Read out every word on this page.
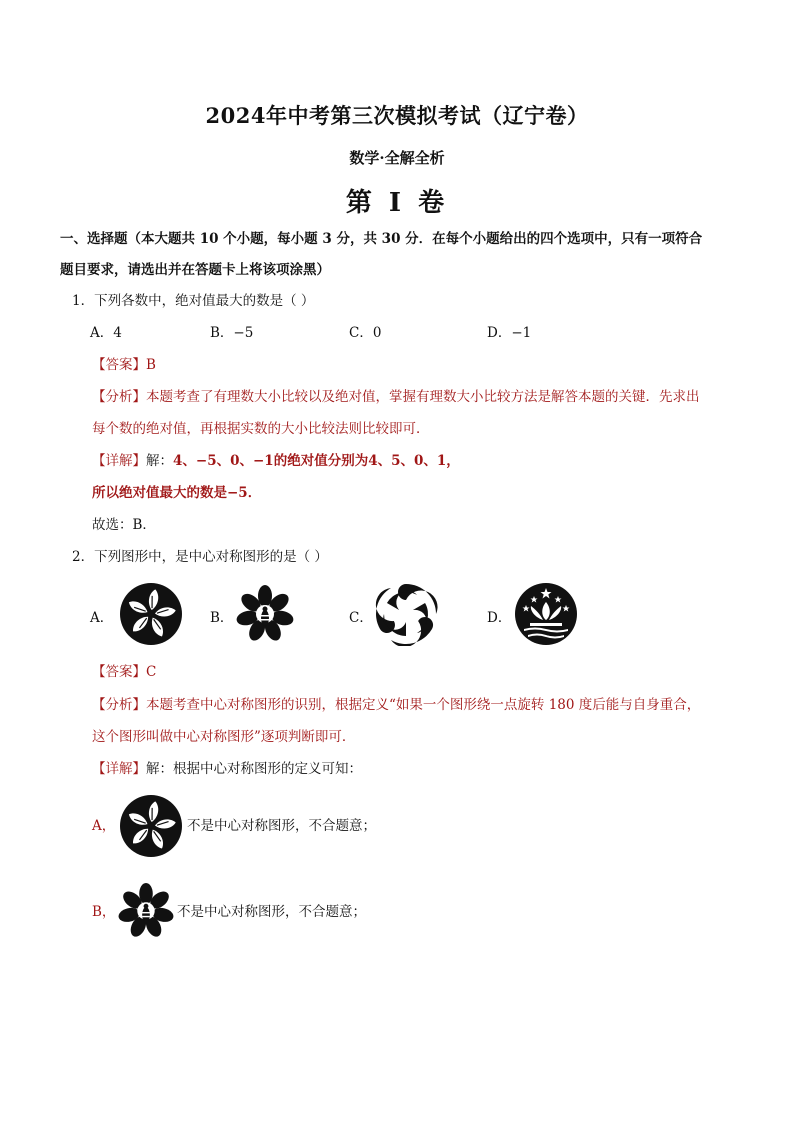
2024年中考第三次模拟考试（辽宁卷）
数学·全解全析
第 I 卷
一、选择题（本大题共 10 个小题，每小题 3 分，共 30 分．在每个小题给出的四个选项中，只有一项符合
题目要求，请选出并在答题卡上将该项涂黑）
1．下列各数中，绝对值最大的数是（ ）
A．4	B．−5	C．0	D．−1
【答案】B
【分析】本题考查了有理数大小比较以及绝对值，掌握有理数大小比较方法是解答本题的关键．先求出
每个数的绝对值，再根据实数的大小比较法则比较即可．
【详解】解：4、−5、0、−1的绝对值分别为4、5、0、1，
所以绝对值最大的数是−5．
故选：B．
2．下列图形中，是中心对称图形的是（ ）
A．	B．	C．	D．
【答案】C
【分析】本题考查中心对称图形的识别，根据定义“如果一个图形绕一点旋转 180 度后能与自身重合，
这个图形叫做中心对称图形”逐项判断即可．
【详解】解：根据中心对称图形的定义可知：
A，	不是中心对称图形，不合题意；
B，	不是中心对称图形，不合题意；
